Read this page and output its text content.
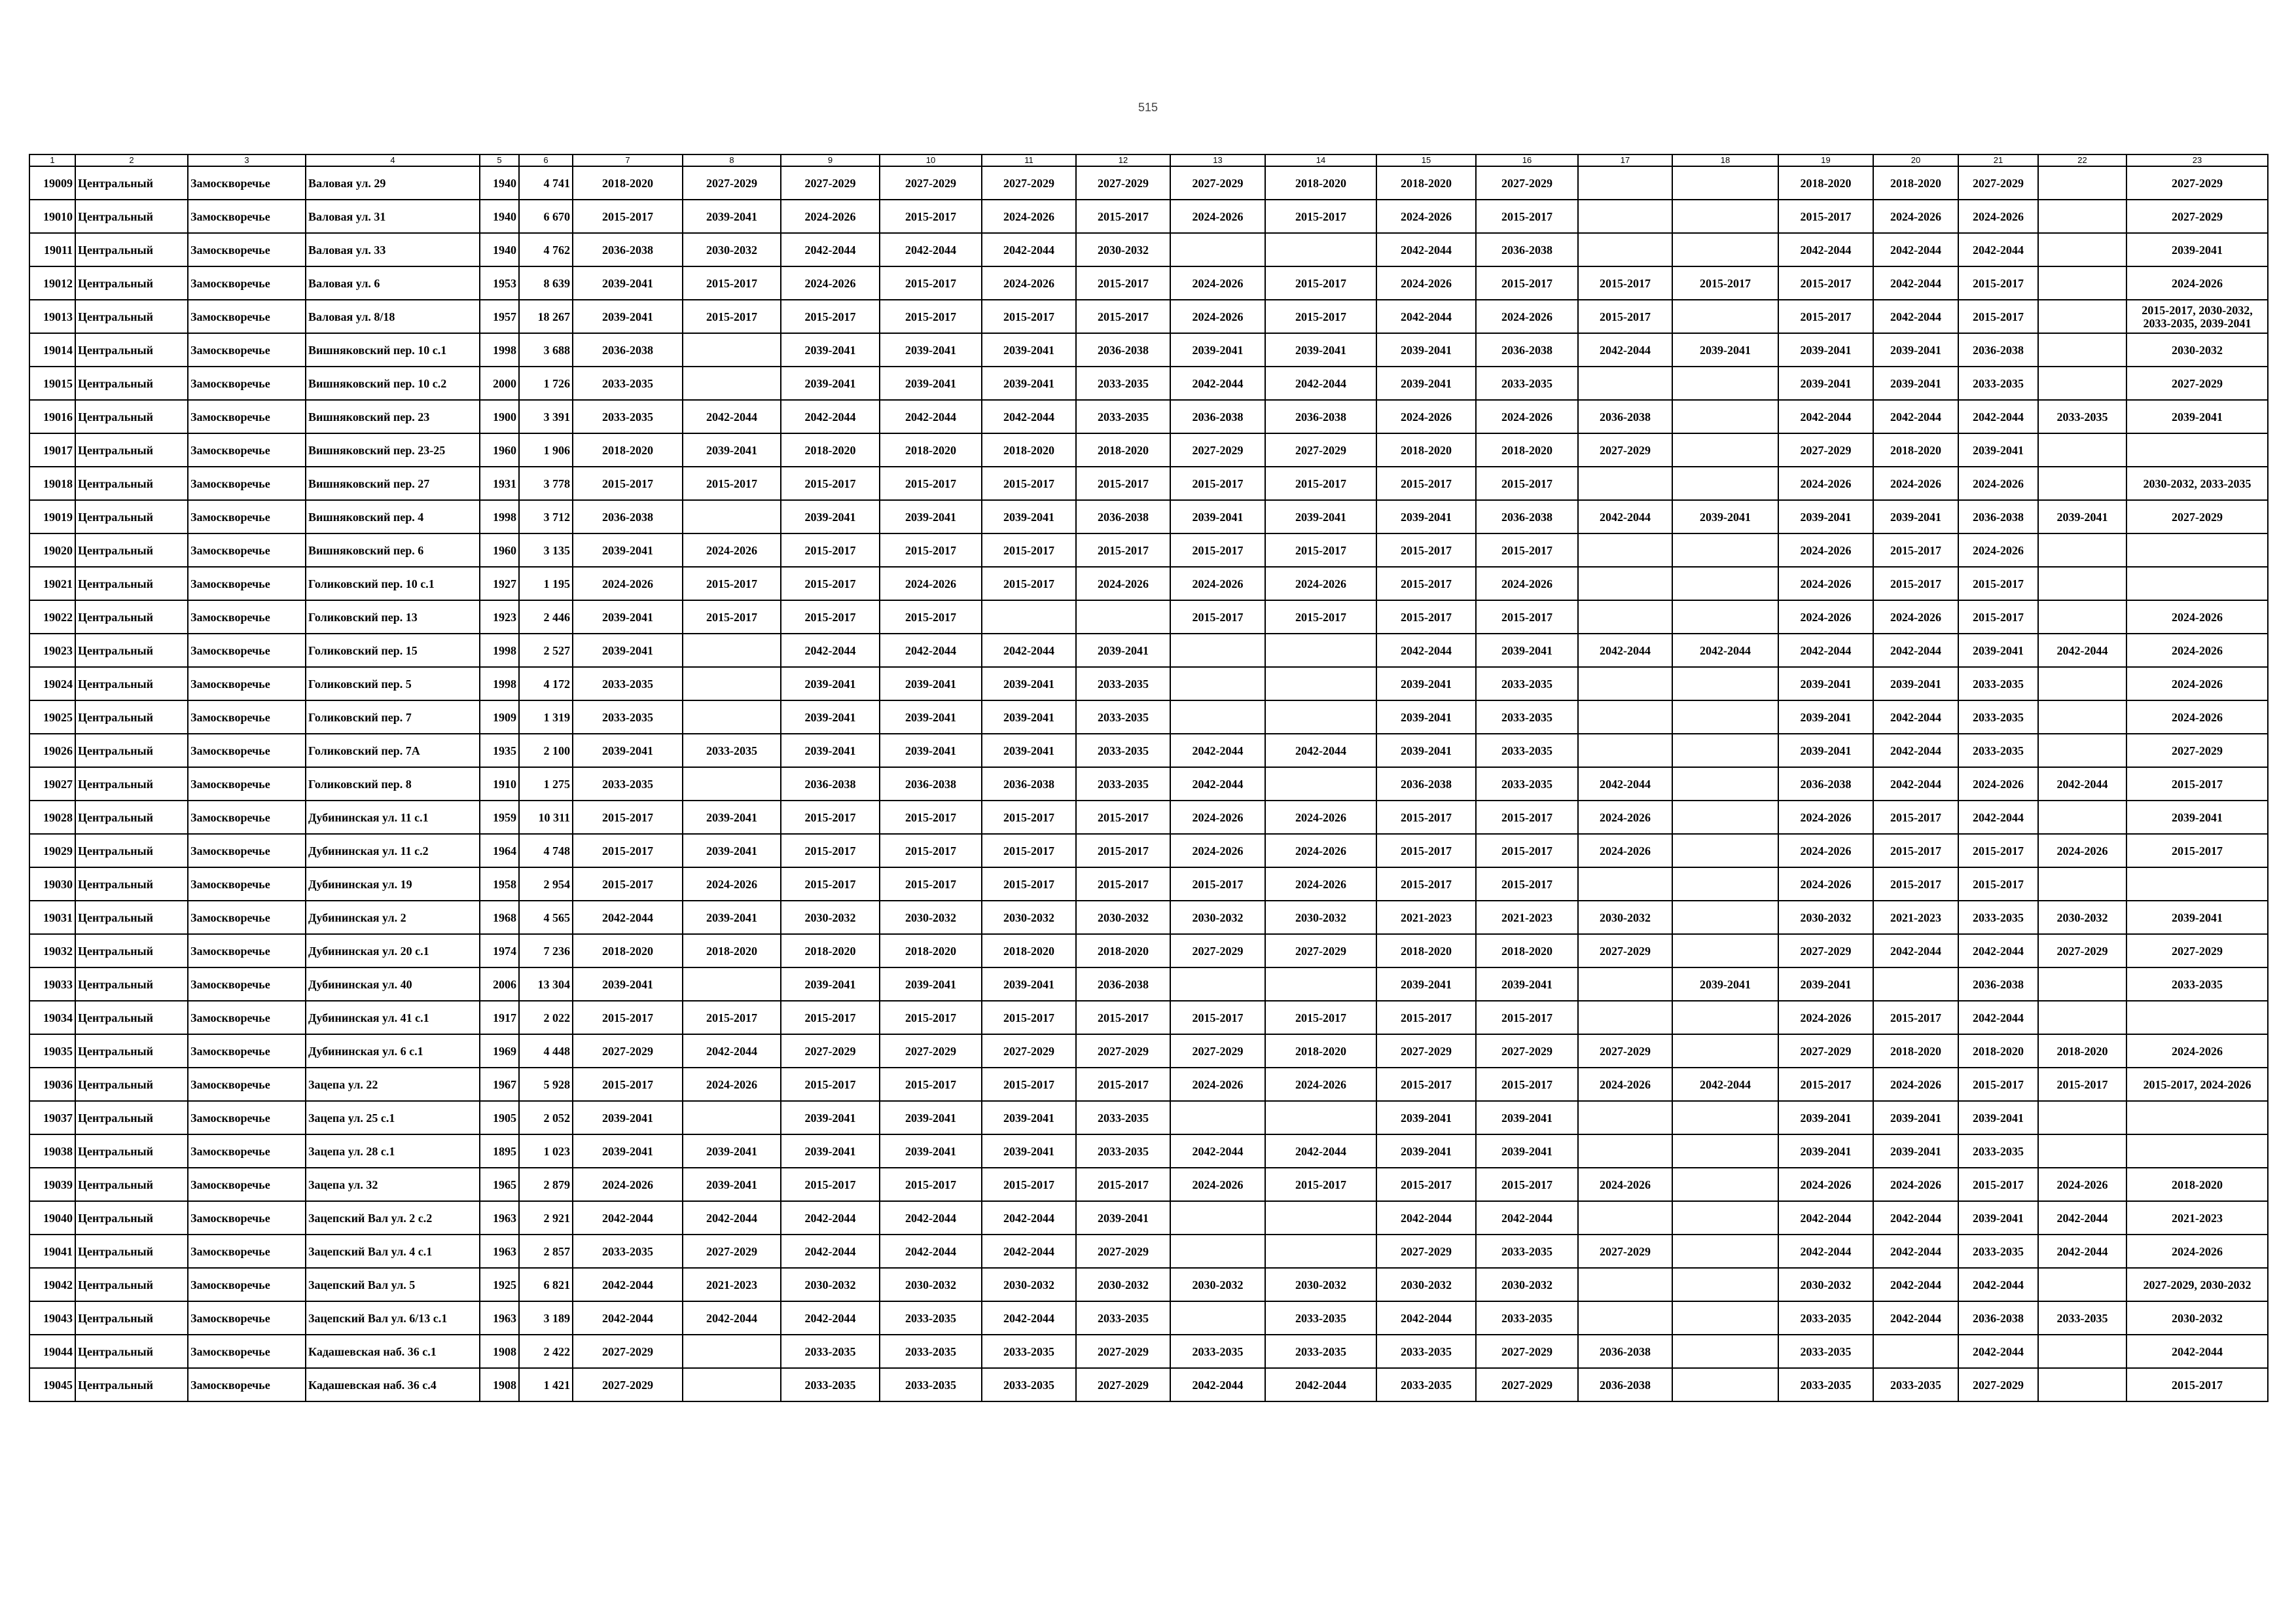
515
1	2	3	4	5	6	7	8	9	10	11	12	13	14	15	16	17	18	19	20	21	22	23
19009	Центральный	Замоскворечье	Валовая ул. 29	1940	4 741	2018-2020	2027-2029	2027-2029	2027-2029	2027-2029	2027-2029	2027-2029	2018-2020	2018-2020	2027-2029			2018-2020	2018-2020	2027-2029		2027-2029
19010	Центральный	Замоскворечье	Валовая ул. 31	1940	6 670	2015-2017	2039-2041	2024-2026	2015-2017	2024-2026	2015-2017	2024-2026	2015-2017	2024-2026	2015-2017			2015-2017	2024-2026	2024-2026		2027-2029
19011	Центральный	Замоскворечье	Валовая ул. 33	1940	4 762	2036-2038	2030-2032	2042-2044	2042-2044	2042-2044	2030-2032			2042-2044	2036-2038			2042-2044	2042-2044	2042-2044		2039-2041
19012	Центральный	Замоскворечье	Валовая ул. 6	1953	8 639	2039-2041	2015-2017	2024-2026	2015-2017	2024-2026	2015-2017	2024-2026	2015-2017	2024-2026	2015-2017	2015-2017	2015-2017	2015-2017	2042-2044	2015-2017		2024-2026
19013	Центральный	Замоскворечье	Валовая ул. 8/18	1957	18 267	2039-2041	2015-2017	2015-2017	2015-2017	2015-2017	2015-2017	2024-2026	2015-2017	2042-2044	2024-2026	2015-2017		2015-2017	2042-2044	2015-2017		2015-2017, 2030-2032, 2033-2035, 2039-2041
19014	Центральный	Замоскворечье	Вишняковский пер. 10 с.1	1998	3 688	2036-2038		2039-2041	2039-2041	2039-2041	2036-2038	2039-2041	2039-2041	2039-2041	2036-2038	2042-2044	2039-2041	2039-2041	2039-2041	2036-2038		2030-2032
19015	Центральный	Замоскворечье	Вишняковский пер. 10 с.2	2000	1 726	2033-2035		2039-2041	2039-2041	2039-2041	2033-2035	2042-2044	2042-2044	2039-2041	2033-2035			2039-2041	2039-2041	2033-2035		2027-2029
19016	Центральный	Замоскворечье	Вишняковский пер. 23	1900	3 391	2033-2035	2042-2044	2042-2044	2042-2044	2042-2044	2033-2035	2036-2038	2036-2038	2024-2026	2024-2026	2036-2038		2042-2044	2042-2044	2042-2044	2033-2035	2039-2041
19017	Центральный	Замоскворечье	Вишняковский пер. 23-25	1960	1 906	2018-2020	2039-2041	2018-2020	2018-2020	2018-2020	2018-2020	2027-2029	2027-2029	2018-2020	2018-2020	2027-2029		2027-2029	2018-2020	2039-2041		
19018	Центральный	Замоскворечье	Вишняковский пер. 27	1931	3 778	2015-2017	2015-2017	2015-2017	2015-2017	2015-2017	2015-2017	2015-2017	2015-2017	2015-2017	2015-2017			2024-2026	2024-2026	2024-2026		2030-2032, 2033-2035
19019	Центральный	Замоскворечье	Вишняковский пер. 4	1998	3 712	2036-2038		2039-2041	2039-2041	2039-2041	2036-2038	2039-2041	2039-2041	2039-2041	2036-2038	2042-2044	2039-2041	2039-2041	2039-2041	2036-2038	2039-2041	2027-2029
19020	Центральный	Замоскворечье	Вишняковский пер. 6	1960	3 135	2039-2041	2024-2026	2015-2017	2015-2017	2015-2017	2015-2017	2015-2017	2015-2017	2015-2017	2015-2017			2024-2026	2015-2017	2024-2026		
19021	Центральный	Замоскворечье	Голиковский пер. 10 с.1	1927	1 195	2024-2026	2015-2017	2015-2017	2024-2026	2015-2017	2024-2026	2024-2026	2024-2026	2015-2017	2024-2026			2024-2026	2015-2017	2015-2017		
19022	Центральный	Замоскворечье	Голиковский пер. 13	1923	2 446	2039-2041	2015-2017	2015-2017	2015-2017			2015-2017	2015-2017	2015-2017	2015-2017			2024-2026	2024-2026	2015-2017		2024-2026
19023	Центральный	Замоскворечье	Голиковский пер. 15	1998	2 527	2039-2041		2042-2044	2042-2044	2042-2044	2039-2041			2042-2044	2039-2041	2042-2044	2042-2044	2042-2044	2042-2044	2039-2041	2042-2044	2024-2026
19024	Центральный	Замоскворечье	Голиковский пер. 5	1998	4 172	2033-2035		2039-2041	2039-2041	2039-2041	2033-2035			2039-2041	2033-2035			2039-2041	2039-2041	2033-2035		2024-2026
19025	Центральный	Замоскворечье	Голиковский пер. 7	1909	1 319	2033-2035		2039-2041	2039-2041	2039-2041	2033-2035			2039-2041	2033-2035			2039-2041	2042-2044	2033-2035		2024-2026
19026	Центральный	Замоскворечье	Голиковский пер. 7А	1935	2 100	2039-2041	2033-2035	2039-2041	2039-2041	2039-2041	2033-2035	2042-2044	2042-2044	2039-2041	2033-2035			2039-2041	2042-2044	2033-2035		2027-2029
19027	Центральный	Замоскворечье	Голиковский пер. 8	1910	1 275	2033-2035		2036-2038	2036-2038	2036-2038	2033-2035	2042-2044		2036-2038	2033-2035	2042-2044		2036-2038	2042-2044	2024-2026	2042-2044	2015-2017
19028	Центральный	Замоскворечье	Дубининская ул. 11 с.1	1959	10 311	2015-2017	2039-2041	2015-2017	2015-2017	2015-2017	2015-2017	2024-2026	2024-2026	2015-2017	2015-2017	2024-2026		2024-2026	2015-2017	2042-2044		2039-2041
19029	Центральный	Замоскворечье	Дубининская ул. 11 с.2	1964	4 748	2015-2017	2039-2041	2015-2017	2015-2017	2015-2017	2015-2017	2024-2026	2024-2026	2015-2017	2015-2017	2024-2026		2024-2026	2015-2017	2015-2017	2024-2026	2015-2017
19030	Центральный	Замоскворечье	Дубининская ул. 19	1958	2 954	2015-2017	2024-2026	2015-2017	2015-2017	2015-2017	2015-2017	2015-2017	2024-2026	2015-2017	2015-2017			2024-2026	2015-2017	2015-2017		
19031	Центральный	Замоскворечье	Дубининская ул. 2	1968	4 565	2042-2044	2039-2041	2030-2032	2030-2032	2030-2032	2030-2032	2030-2032	2030-2032	2021-2023	2021-2023	2030-2032		2030-2032	2021-2023	2033-2035	2030-2032	2039-2041
19032	Центральный	Замоскворечье	Дубининская ул. 20 с.1	1974	7 236	2018-2020	2018-2020	2018-2020	2018-2020	2018-2020	2018-2020	2027-2029	2027-2029	2018-2020	2018-2020	2027-2029		2027-2029	2042-2044	2042-2044	2027-2029	2027-2029
19033	Центральный	Замоскворечье	Дубининская ул. 40	2006	13 304	2039-2041		2039-2041	2039-2041	2039-2041	2036-2038			2039-2041	2039-2041		2039-2041	2039-2041		2036-2038		2033-2035
19034	Центральный	Замоскворечье	Дубининская ул. 41 с.1	1917	2 022	2015-2017	2015-2017	2015-2017	2015-2017	2015-2017	2015-2017	2015-2017	2015-2017	2015-2017	2015-2017			2024-2026	2015-2017	2042-2044		
19035	Центральный	Замоскворечье	Дубининская ул. 6 с.1	1969	4 448	2027-2029	2042-2044	2027-2029	2027-2029	2027-2029	2027-2029	2027-2029	2018-2020	2027-2029	2027-2029	2027-2029		2027-2029	2018-2020	2018-2020	2018-2020	2024-2026
19036	Центральный	Замоскворечье	Зацепа ул. 22	1967	5 928	2015-2017	2024-2026	2015-2017	2015-2017	2015-2017	2015-2017	2024-2026	2024-2026	2015-2017	2015-2017	2024-2026	2042-2044	2015-2017	2024-2026	2015-2017	2015-2017	2015-2017, 2024-2026
19037	Центральный	Замоскворечье	Зацепа ул. 25 с.1	1905	2 052	2039-2041		2039-2041	2039-2041	2039-2041	2033-2035			2039-2041	2039-2041			2039-2041	2039-2041	2039-2041		
19038	Центральный	Замоскворечье	Зацепа ул. 28 с.1	1895	1 023	2039-2041	2039-2041	2039-2041	2039-2041	2039-2041	2033-2035	2042-2044	2042-2044	2039-2041	2039-2041			2039-2041	2039-2041	2033-2035		
19039	Центральный	Замоскворечье	Зацепа ул. 32	1965	2 879	2024-2026	2039-2041	2015-2017	2015-2017	2015-2017	2015-2017	2024-2026	2015-2017	2015-2017	2015-2017	2024-2026		2024-2026	2024-2026	2015-2017	2024-2026	2018-2020
19040	Центральный	Замоскворечье	Зацепский Вал ул. 2 с.2	1963	2 921	2042-2044	2042-2044	2042-2044	2042-2044	2042-2044	2039-2041			2042-2044	2042-2044			2042-2044	2042-2044	2039-2041	2042-2044	2021-2023
19041	Центральный	Замоскворечье	Зацепский Вал ул. 4 с.1	1963	2 857	2033-2035	2027-2029	2042-2044	2042-2044	2042-2044	2027-2029			2027-2029	2033-2035	2027-2029		2042-2044	2042-2044	2033-2035	2042-2044	2024-2026
19042	Центральный	Замоскворечье	Зацепский Вал ул. 5	1925	6 821	2042-2044	2021-2023	2030-2032	2030-2032	2030-2032	2030-2032	2030-2032	2030-2032	2030-2032	2030-2032			2030-2032	2042-2044	2042-2044		2027-2029, 2030-2032
19043	Центральный	Замоскворечье	Зацепский Вал ул. 6/13 с.1	1963	3 189	2042-2044	2042-2044	2042-2044	2033-2035	2042-2044	2033-2035		2033-2035	2042-2044	2033-2035			2033-2035	2042-2044	2036-2038	2033-2035	2030-2032
19044	Центральный	Замоскворечье	Кадашевская наб. 36 с.1	1908	2 422	2027-2029		2033-2035	2033-2035	2033-2035	2027-2029	2033-2035	2033-2035	2033-2035	2027-2029	2036-2038		2033-2035		2042-2044		2042-2044
19045	Центральный	Замоскворечье	Кадашевская наб. 36 с.4	1908	1 421	2027-2029		2033-2035	2033-2035	2033-2035	2027-2029	2042-2044	2042-2044	2033-2035	2027-2029	2036-2038		2033-2035	2033-2035	2027-2029		2015-2017
